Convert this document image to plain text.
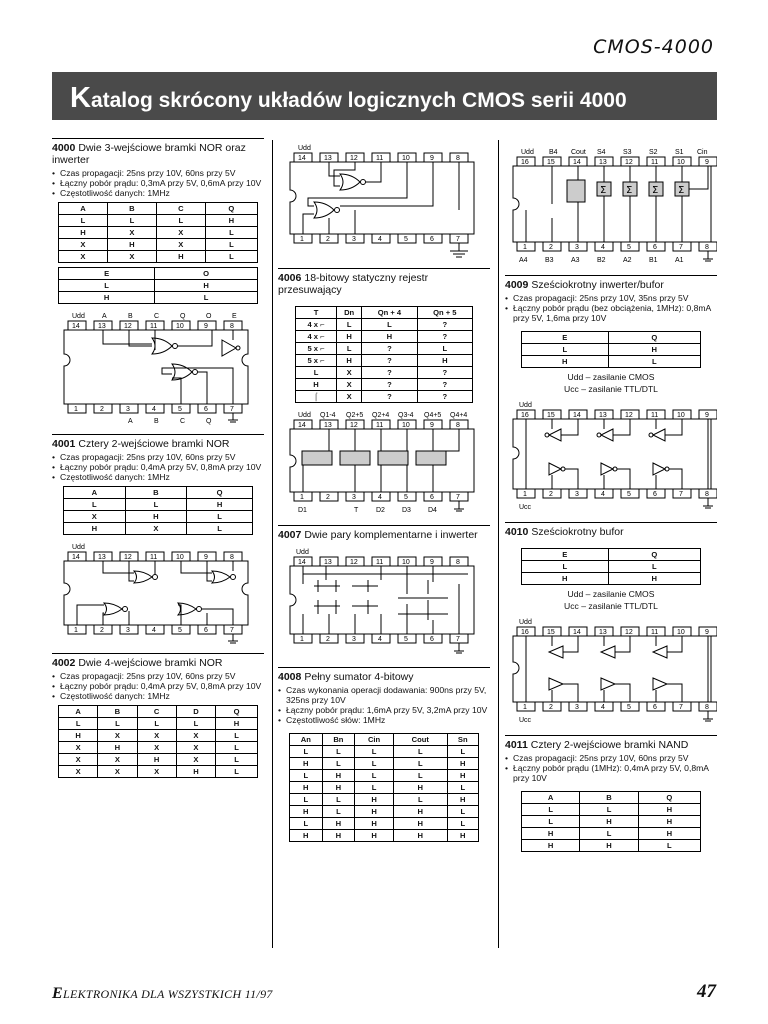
CMOS-4000
Katalog skrócony układów logicznych CMOS serii 4000
4000 Dwie 3-wejściowe bramki NOR oraz inwerter
• Czas propagacji: 25ns przy 10V, 60ns przy 5V
• Łączny pobór prądu: 0,3mA przy 5V, 0,6mA przy 10V
• Częstotliwość danych: 1MHz
A	B	C	Q
L	L	L	H
H	X	X	L
X	H	X	L
X	X	H	L
E	O
L	H
H	L
Udd A	B	C	Q	O	E
14	13	12	11	10	9	8
1	2	3	4	5	6	7
A	B	C	Q
4001 Cztery 2-wejściowe bramki NOR
• Czas propagacji: 25ns przy 10V, 60ns przy 5V
• Łączny pobór prądu: 0,4mA przy 5V, 0,8mA przy 10V
• Częstotliwość danych: 1MHz
A	B	Q
L	L	H
X	H	L
H	X	L
Udd
14	13	12	11	10	9	8
1	2	3	4	5	6	7
4002 Dwie 4-wejściowe bramki NOR
• Czas propagacji: 25ns przy 10V, 60ns przy 5V
• Łączny pobór prądu: 0,4mA przy 5V, 0,8mA przy 10V
• Częstotliwość danych: 1MHz
A	B	C	D	Q
L	L	L	L	H
H	X	X	X	L
X	H	X	X	L
X	X	H	X	L
X	X	X	H	L
Udd
14	13	12	11	10	9	8
1	2	3	4	5	6	7
4006 18-bitowy statyczny rejestr przesuwający
T	Dn	Qn + 4	Qn + 5
4 x ⌐	L	L	?
4 x ⌐	H	H	?
5 x ⌐	L	?	L
5 x ⌐	H	?	H
L	X	?	?
H	X	?	?
⌠	X	?	?
Udd Q1-4 Q2+5 Q2+4 Q3-4 Q4+5 Q4+4
14	13	12	11	10	9	8
1	2	3	4	5	6	7
D1	T	D2 D3 D4
4007 Dwie pary komplementarne i inwerter
Udd
14	13	12	11	10	9	8
1	2	3	4	5	6	7
4008 Pełny sumator 4-bitowy
• Czas wykonania operacji dodawania: 900ns przy 5V, 325ns przy 10V
• Łączny pobór prądu: 1,6mA przy 5V, 3,2mA przy 10V
• Częstotliwość słów: 1MHz
An	Bn	Cin	Cout	Sn
L	L	L	L	L
H	L	L	L	H
L	H	L	L	H
H	H	L	H	L
L	L	H	L	H
H	L	H	H	L
L	H	H	H	L
H	H	H	H	H
Udd B4 Cout S4 S3 S2 S1 Cin
16	15	14	13	12	11	10	9
Σ Σ Σ Σ
1	2	3	4	5	6	7	8
A4 B3 A3 B2 A2 B1 A1
4009 Sześciokrotny inwerter/bufor
• Czas propagacji: 25ns przy 10V, 35ns przy 5V
• Łączny pobór prądu (bez obciążenia, 1MHz): 0,8mA przy 5V, 1,6ma przy 10V
E	Q
L	H
H	L
Udd – zasilanie CMOS
Ucc – zasilanie TTL/DTL
Udd
16	15	14	13	12	11	10	9
1	2	3	4	5	6	7	8
Ucc
4010 Sześciokrotny bufor
E	Q
L	L
H	H
Udd – zasilanie CMOS
Ucc – zasilanie TTL/DTL
Udd
16	15	14	13	12	11	10	9
1	2	3	4	5	6	7	8
Ucc
4011 Cztery 2-wejściowe bramki NAND
• Czas propagacji: 25ns przy 10V, 60ns przy 5V
• Łączny pobór prądu (1MHz): 0,4mA przy 5V, 0,8mA przy 10V
A	B	Q
L	L	H
L	H	H
H	L	H
H	H	L
ELEKTRONIKA DLA WSZYSTKICH 11/97	47
